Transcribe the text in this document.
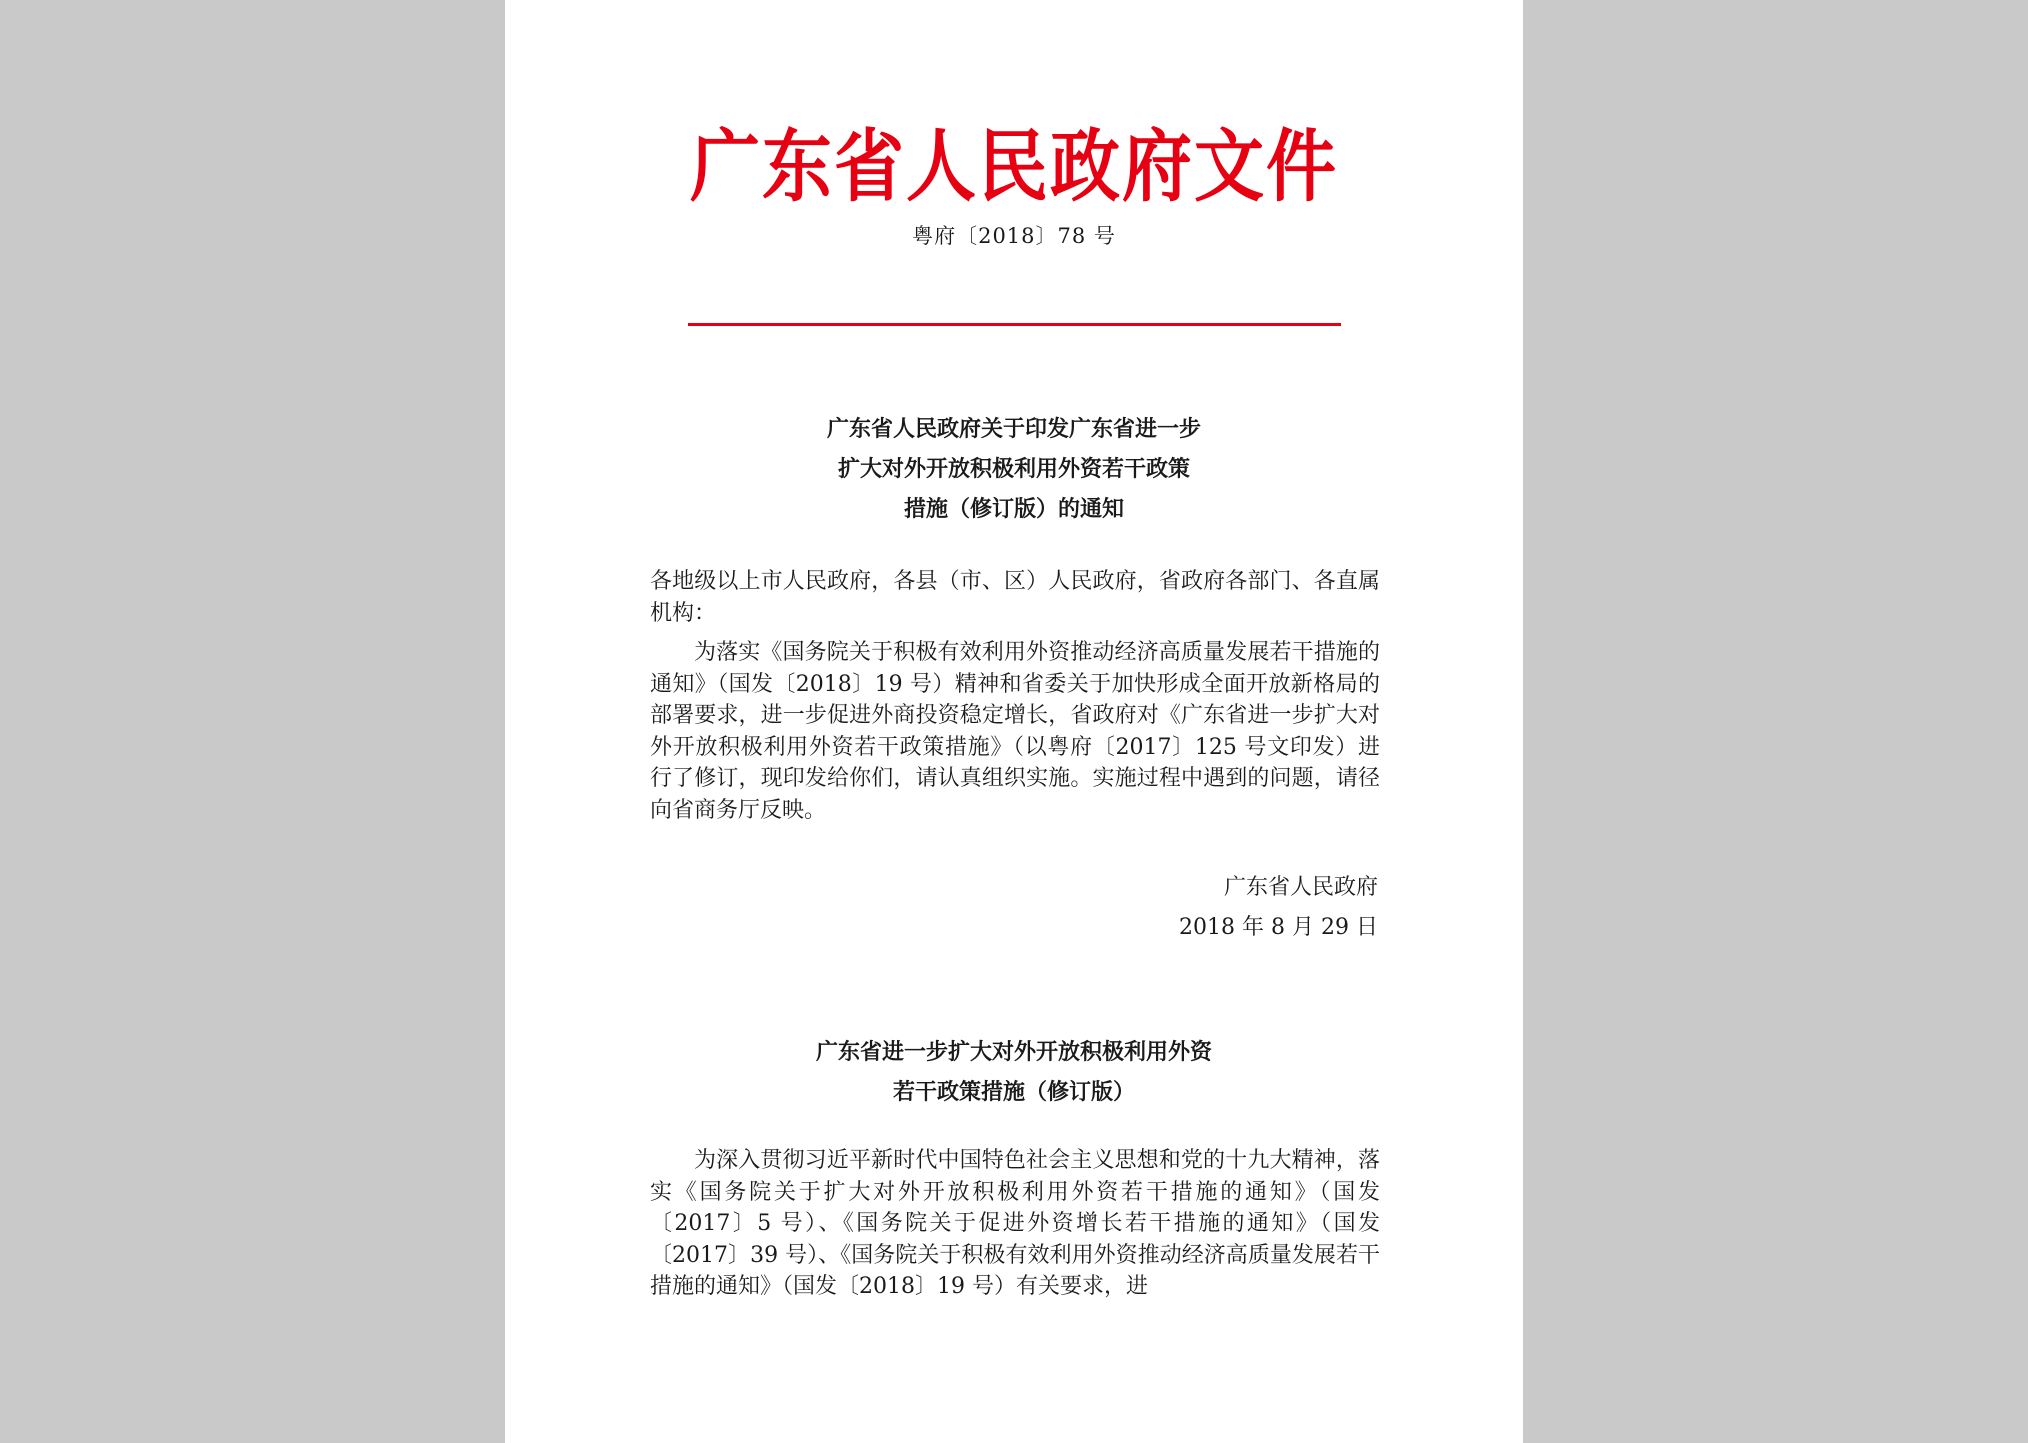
广东省人民政府文件
粤府〔2018〕78 号
广东省人民政府关于印发广东省进一步
扩大对外开放积极利用外资若干政策
措施（修订版）的通知

各地级以上市人民政府，各县（市、区）人民政府，省政府各部门、各直属机构：

为落实《国务院关于积极有效利用外资推动经济高质量发展若干措施的通知》（国发〔2018〕19 号）精神和省委关于加快形成全面开放新格局的部署要求，进一步促进外商投资稳定增长，省政府对《广东省进一步扩大对外开放积极利用外资若干政策措施》（以粤府〔2017〕125 号文印发）进行了修订，现印发给你们，请认真组织实施。实施过程中遇到的问题，请径向省商务厅反映。

广东省人民政府
2018 年 8 月 29 日
广东省进一步扩大对外开放积极利用外资
若干政策措施（修订版）

为深入贯彻习近平新时代中国特色社会主义思想和党的十九大精神，落实《国务院关于扩大对外开放积极利用外资若干措施的通知》（国发〔2017〕5 号）、《国务院关于促进外资增长若干措施的通知》（国发〔2017〕39 号）、《国务院关于积极有效利用外资推动经济高质量发展若干措施的通知》（国发〔2018〕19 号）有关要求，进
